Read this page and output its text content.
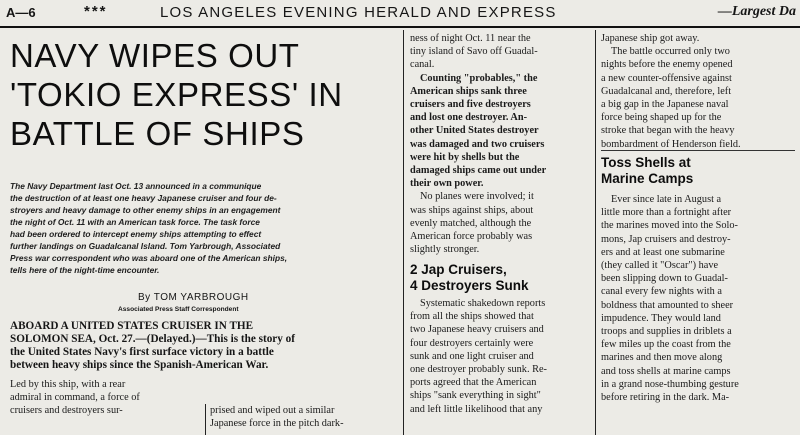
A—6	***	LOS ANGELES EVENING HERALD AND EXPRESS	—Largest Da
NAVY WIPES OUT
'TOKIO EXPRESS' IN
BATTLE OF SHIPS
The Navy Department last Oct. 13 announced in a communique
the destruction of at least one heavy Japanese cruiser and four de-
stroyers and heavy damage to other enemy ships in an engagement
the night of Oct. 11 with an American task force. The task force
had been ordered to intercept enemy ships attempting to effect
further landings on Guadalcanal Island. Tom Yarbrough, Associated
Press war correspondent who was aboard one of the American ships,
tells here of the night-time encounter.
By TOM YARBROUGH
Associated Press Staff Correspondent
ABOARD A UNITED STATES CRUISER IN THE
SOLOMON SEA, Oct. 27.—(Delayed.)—This is the story of
the United States Navy's first surface victory in a battle
between heavy ships since the Spanish-American War.
Led by this ship, with a rear
admiral in command, a force of
cruisers and destroyers sur-	prised and wiped out a similar
Japanese force in the pitch dark-
ness of night Oct. 11 near the
tiny island of Savo off Guadal-
canal.
Counting "probables," the
American ships sank three
cruisers and five destroyers
and lost one destroyer. An-
other United States destroyer
was damaged and two cruisers
were hit by shells but the
damaged ships came out under
their own power.
No planes were involved; it
was ships against ships, about
evenly matched, although the
American force probably was
slightly stronger.
2 Jap Cruisers,
4 Destroyers Sunk
Systematic shakedown reports
from all the ships showed that
two Japanese heavy cruisers and
four destroyers certainly were
sunk and one light cruiser and
one destroyer probably sunk. Re-
ports agreed that the American
ships "sank everything in sight"
and left little likelihood that any
Japanese ship got away.
The battle occurred only two
nights before the enemy opened
a new counter-offensive against
Guadalcanal and, therefore, left
a big gap in the Japanese naval
force being shaped up for the
stroke that began with the heavy
bombardment of Henderson field.
Toss Shells at
Marine Camps
Ever since late in August a
little more than a fortnight after
the marines moved into the Solo-
mons, Jap cruisers and destroy-
ers and at least one submarine
(they called it "Oscar") have
been slipping down to Guadal-
canal every few nights with a
boldness that amounted to sheer
impudence. They would land
troops and supplies in driblets a
few miles up the coast from the
marines and then move along
and toss shells at marine camps
in a grand nose-thumbing gesture
before retiring in the dark. Ma-
